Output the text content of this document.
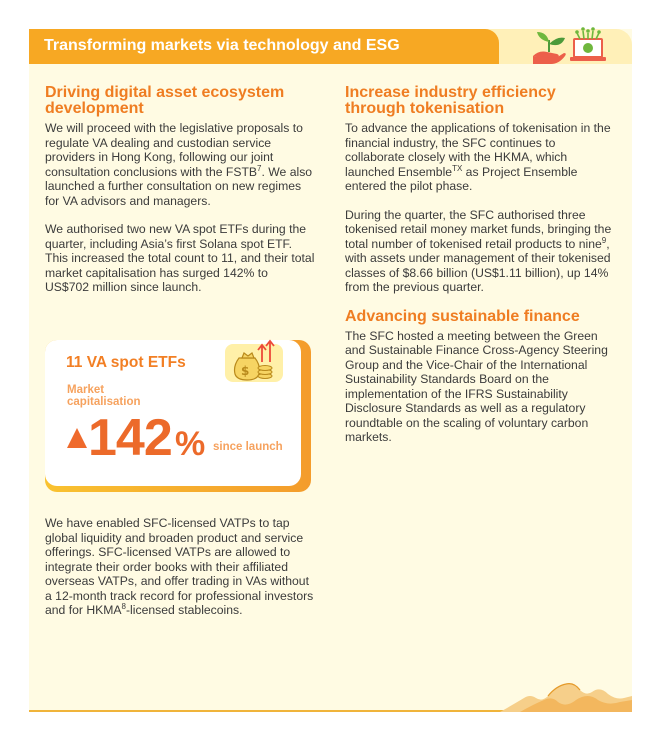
Transforming markets via technology and ESG
Driving digital asset ecosystem development

We will proceed with the legislative proposals to regulate VA dealing and custodian service providers in Hong Kong, following our joint consultation conclusions with the FSTB$^7$. We also launched a further consultation on new regimes for VA advisors and managers.

We authorised two new VA spot ETFs during the quarter, including Asia’s first Solana spot ETF. This increased the total count to 11, and their total market capitalisation has surged 142% to US$702 million since launch.

11 VA spot ETFs
Market capitalisation
142 % since launch
$

We have enabled SFC-licensed VATPs to tap global liquidity and broaden product and service offerings. SFC-licensed VATPs are allowed to integrate their order books with their affiliated overseas VATPs, and offer trading in VAs without a 12-month track record for professional investors and for HKMA$^8$-licensed stablecoins.

Increase industry efficiency through tokenisation

To advance the applications of tokenisation in the financial industry, the SFC continues to collaborate closely with the HKMA, which launched Ensemble$^{TX}$ as Project Ensemble entered the pilot phase.

During the quarter, the SFC authorised three tokenised retail money market funds, bringing the total number of tokenised retail products to nine$^9$, with assets under management of their tokenised classes of $8.66 billion (US$1.11 billion), up 14% from the previous quarter.

Advancing sustainable finance

The SFC hosted a meeting between the Green and Sustainable Finance Cross-Agency Steering Group and the Vice-Chair of the International Sustainability Standards Board on the implementation of the IFRS Sustainability Disclosure Standards as well as a regulatory roundtable on the scaling of voluntary carbon markets.
